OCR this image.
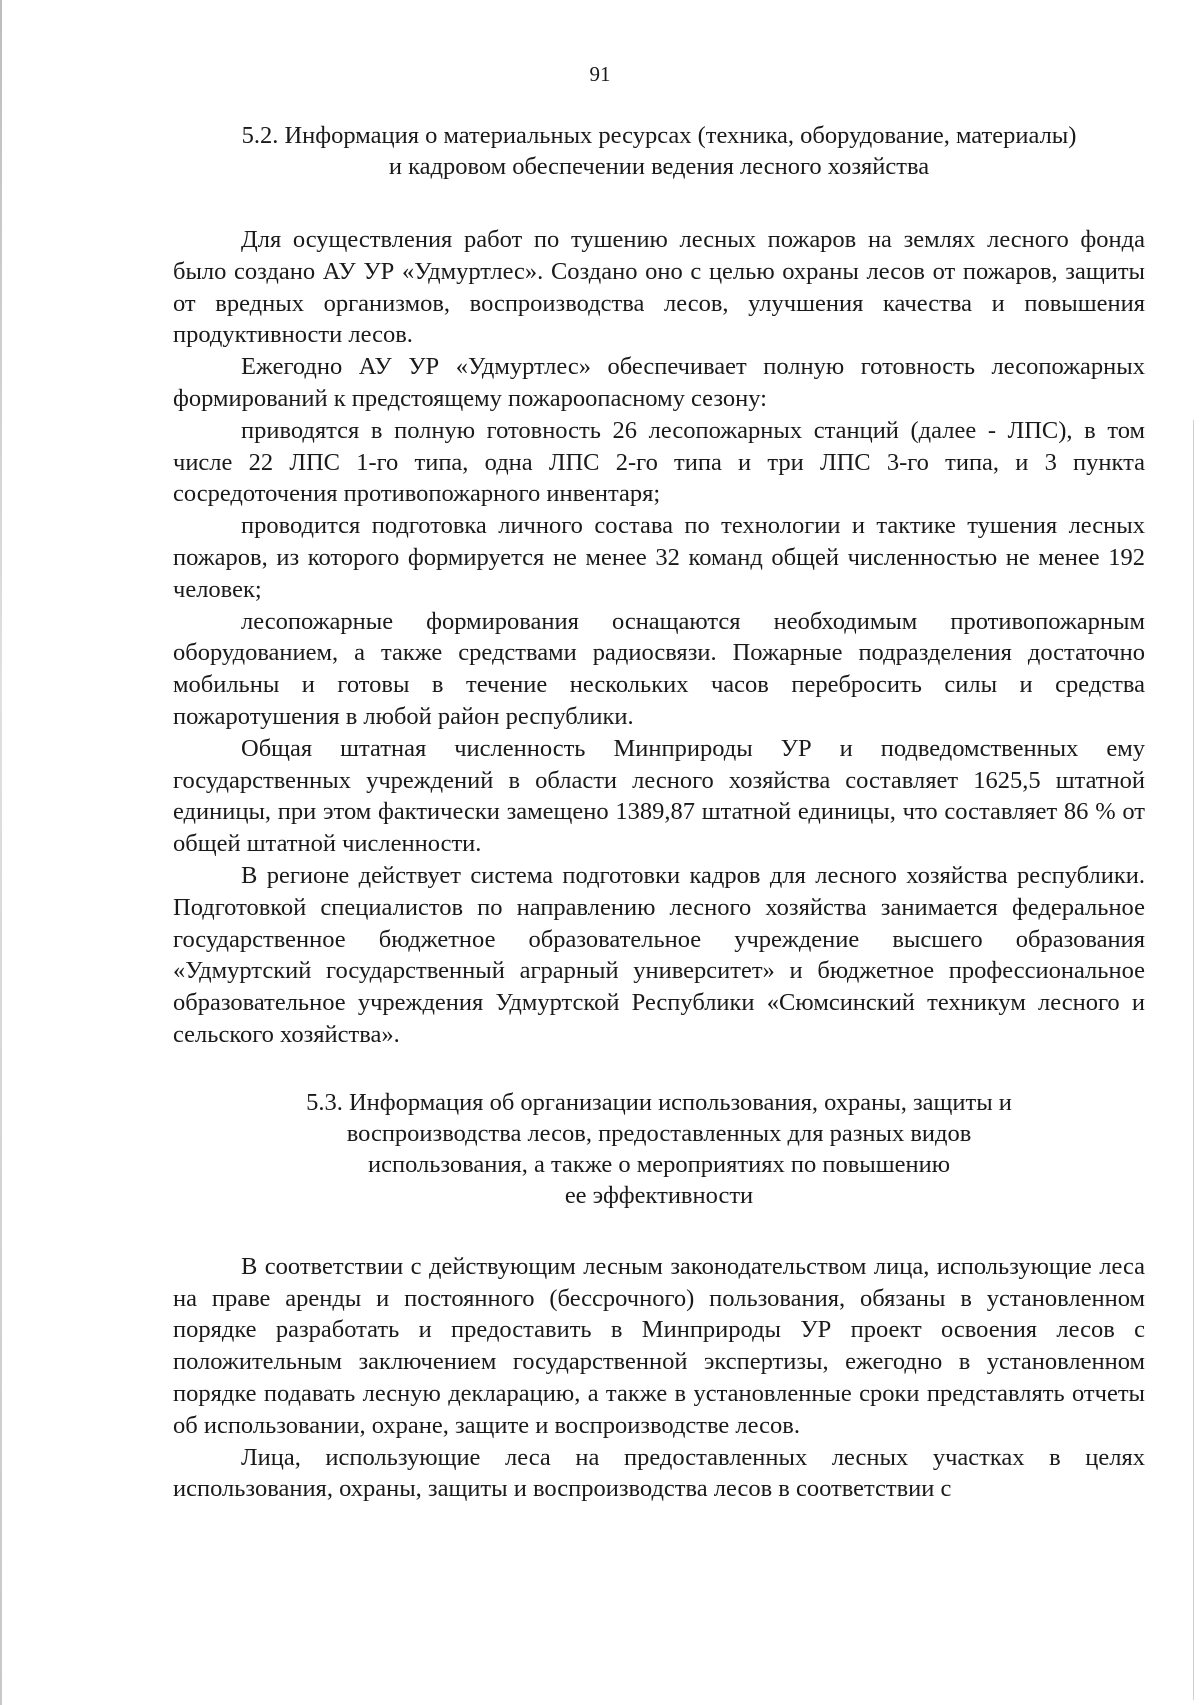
91
5.2. Информация о материальных ресурсах (техника, оборудование, материалы)
и кадровом обеспечении ведения лесного хозяйства

Для осуществления работ по тушению лесных пожаров на землях лесного фонда было создано АУ УР «Удмуртлес». Создано оно с целью охраны лесов от пожаров, защиты от вредных организмов, воспроизводства лесов, улучшения качества и повышения продуктивности лесов.

Ежегодно АУ УР «Удмуртлес» обеспечивает полную готовность лесопожарных формирований к предстоящему пожароопасному сезону:

приводятся в полную готовность 26 лесопожарных станций (далее - ЛПС), в том числе 22 ЛПС 1-го типа, одна ЛПС 2-го типа и три ЛПС 3-го типа, и 3 пункта сосредоточения противопожарного инвентаря;

проводится подготовка личного состава по технологии и тактике тушения лесных пожаров, из которого формируется не менее 32 команд общей численностью не менее 192 человек;

лесопожарные формирования оснащаются необходимым противопожарным оборудованием, а также средствами радиосвязи. Пожарные подразделения достаточно мобильны и готовы в течение нескольких часов перебросить силы и средства пожаротушения в любой район республики.

Общая штатная численность Минприроды УР и подведомственных ему государственных учреждений в области лесного хозяйства составляет 1625,5 штатной единицы, при этом фактически замещено 1389,87 штатной единицы, что составляет 86 % от общей штатной численности.

В регионе действует система подготовки кадров для лесного хозяйства республики. Подготовкой специалистов по направлению лесного хозяйства занимается федеральное государственное бюджетное образовательное учреждение высшего образования «Удмуртский государственный аграрный университет» и бюджетное профессиональное образовательное учреждения Удмуртской Республики «Сюмсинский техникум лесного и сельского хозяйства».

5.3. Информация об организации использования, охраны, защиты и
воспроизводства лесов, предоставленных для разных видов
использования, а также о мероприятиях по повышению
ее эффективности

В соответствии с действующим лесным законодательством лица, использующие леса на праве аренды и постоянного (бессрочного) пользования, обязаны в установленном порядке разработать и предоставить в Минприроды УР проект освоения лесов с положительным заключением государственной экспертизы, ежегодно в установленном порядке подавать лесную декларацию, а также в установленные сроки представлять отчеты об использовании, охране, защите и воспроизводстве лесов.

Лица, использующие леса на предоставленных лесных участках в целях использования, охраны, защиты и воспроизводства лесов в соответствии с
